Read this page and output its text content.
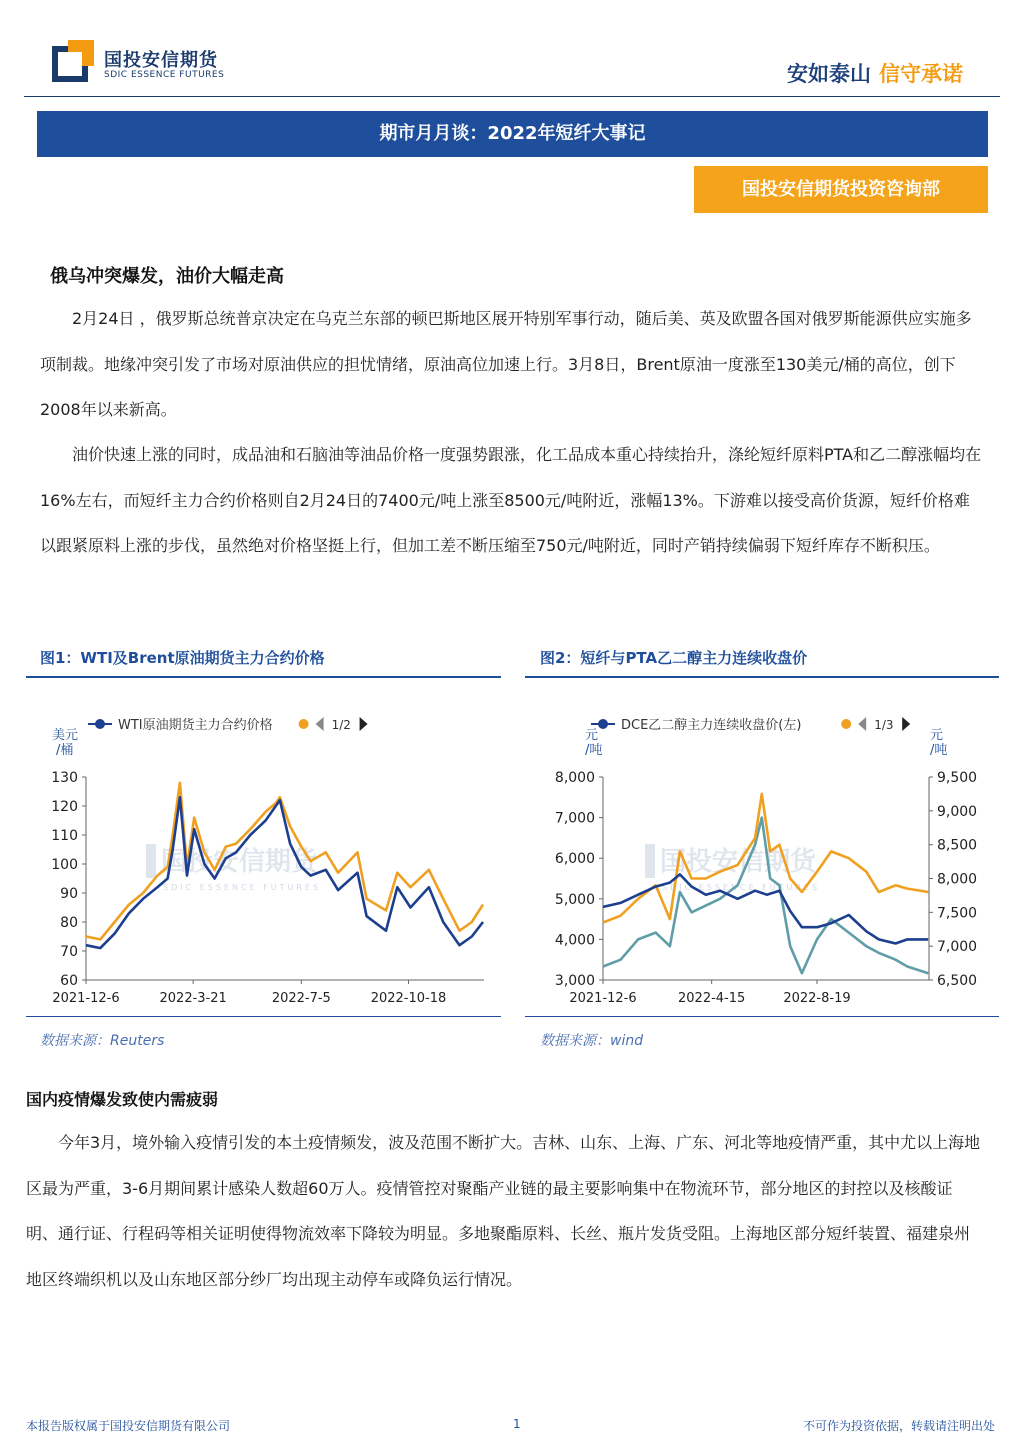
国投安信期货
SDIC ESSENCE FUTURES	安如泰山 信守承诺
期市月月谈：2022年短纤大事记
国投安信期货投资咨询部
俄乌冲突爆发，油价大幅走高

2月24日 ，俄罗斯总统普京决定在乌克兰东部的顿巴斯地区展开特别军事行动，随后美、英及欧盟各国对俄罗斯能源供应实施多项制裁。地缘冲突引发了市场对原油供应的担忧情绪，原油高位加速上行。3月8日，Brent原油一度涨至130美元/桶的高位，创下2008年以来新高。

油价快速上涨的同时，成品油和石脑油等油品价格一度强势跟涨，化工品成本重心持续抬升，涤纶短纤原料PTA和乙二醇涨幅均在16%左右，而短纤主力合约价格则自2月24日的7400元/吨上涨至8500元/吨附近，涨幅13%。下游难以接受高价货源，短纤价格难以跟紧原料上涨的步伐，虽然绝对价格坚挺上行，但加工差不断压缩至750元/吨附近，同时产销持续偏弱下短纤库存不断积压。

图1：WTI及Brent原油期货主力合约价格
WTI原油期货主力合约价格	1/2
美元
/桶
国投安信期货
SDIC ESSENCE FUTURES
60
70
80
90
100
110
120
130
2021-12-6	2022-3-21	2022-7-5	2022-10-18
数据来源：Reuters
图2：短纤与PTA乙二醇主力连续收盘价
DCE乙二醇主力连续收盘价(左)	1/3
元
/吨
元
/吨
国投安信期货
SDIC ESSENCE FUTURES
3,000
4,000
5,000
6,000
7,000
8,000
6,500
7,000
7,500
8,000
8,500
9,000
9,500
2021-12-6	2022-4-15	2022-8-19
数据来源：wind
国内疫情爆发致使内需疲弱

今年3月，境外输入疫情引发的本土疫情频发，波及范围不断扩大。吉林、山东、上海、广东、河北等地疫情严重，其中尤以上海地区最为严重，3-6月期间累计感染人数超60万人。疫情管控对聚酯产业链的最主要影响集中在物流环节，部分地区的封控以及核酸证明、通行证、行程码等相关证明使得物流效率下降较为明显。多地聚酯原料、长丝、瓶片发货受阻。上海地区部分短纤装置、福建泉州地区终端织机以及山东地区部分纱厂均出现主动停车或降负运行情况。

本报告版权属于国投安信期货有限公司	1	不可作为投资依据，转载请注明出处
